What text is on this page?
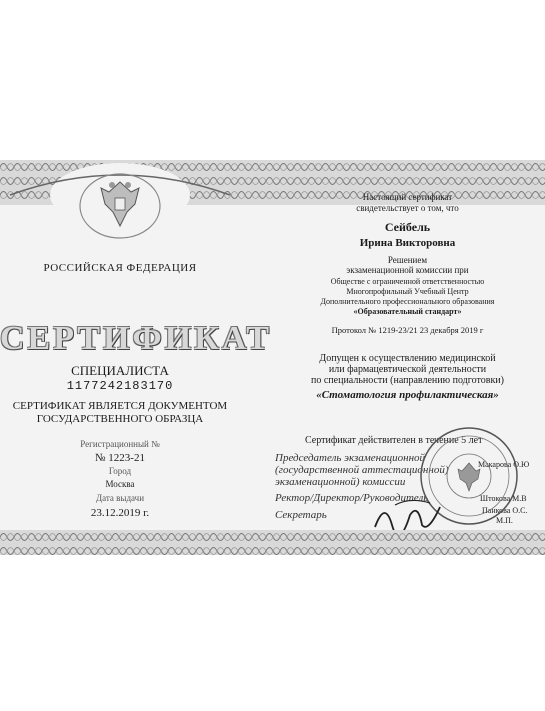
РОССИЙСКАЯ ФЕДЕРАЦИЯ
СЕРТИФИКАТ
СПЕЦИАЛИСТА
1177242183170
СЕРТИФИКАТ ЯВЛЯЕТСЯ ДОКУМЕНТОМ
ГОСУДАРСТВЕННОГО ОБРАЗЦА
Регистрационный №
№ 1223-21
Город
Москва
Дата выдачи
23.12.2019 г.
Настоящий сертификат
свидетельствует о том, что
Сейбель
Ирина Викторовна
Решением
экзаменационной комиссии при
Обществе с ограниченной ответственностью
Многопрофильный Учебный Центр
Дополнительного профессионального образования
«Образовательный стандарт»
Протокол № 1219-23/21 23 декабря 2019 г
Допущен к осуществлению медицинской
или фармацевтической деятельности
по специальности (направлению подготовки)
«Стоматология профилактическая»
Сертификат действителен в течение 5 лет
Председатель экзаменационной
(государственной аттестационной)
экзаменационной) комиссии
Макарова О.Ю
Ректор/Директор/Руководитель	Штокова М.В
Секретарь	Панкова О.С.
М.П.
